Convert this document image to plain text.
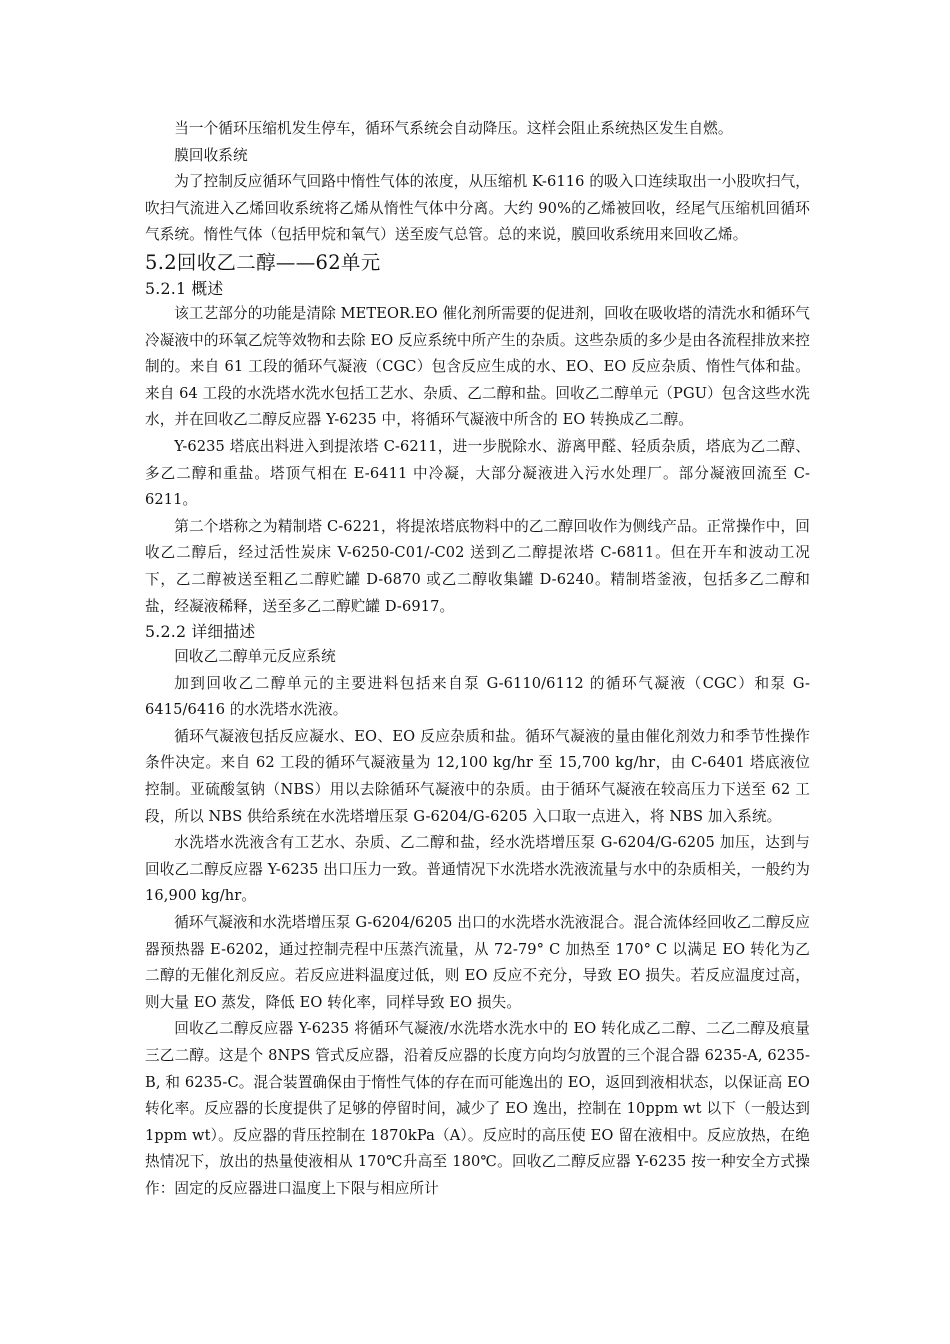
当一个循环压缩机发生停车，循环气系统会自动降压。这样会阻止系统热区发生自燃。

膜回收系统

为了控制反应循环气回路中惰性气体的浓度，从压缩机 K-6116 的吸入口连续取出一小股吹扫气，吹扫气流进入乙烯回收系统将乙烯从惰性气体中分离。大约 90%的乙烯被回收，经尾气压缩机回循环气系统。惰性气体（包括甲烷和氧气）送至废气总管。总的来说，膜回收系统用来回收乙烯。

5.2回收乙二醇——62单元
5.2.1 概述

该工艺部分的功能是清除 METEOR.EO 催化剂所需要的促进剂，回收在吸收塔的清洗水和循环气冷凝液中的环氧乙烷等效物和去除 EO 反应系统中所产生的杂质。这些杂质的多少是由各流程排放来控制的。来自 61 工段的循环气凝液（CGC）包含反应生成的水、EO、EO 反应杂质、惰性气体和盐。来自 64 工段的水洗塔水洗水包括工艺水、杂质、乙二醇和盐。回收乙二醇单元（PGU）包含这些水洗水，并在回收乙二醇反应器 Y-6235 中，将循环气凝液中所含的 EO 转换成乙二醇。

Y-6235 塔底出料进入到提浓塔 C-6211，进一步脱除水、游离甲醛、轻质杂质，塔底为乙二醇、多乙二醇和重盐。塔顶气相在 E-6411 中冷凝，大部分凝液进入污水处理厂。部分凝液回流至 C-6211。

第二个塔称之为精制塔 C-6221，将提浓塔底物料中的乙二醇回收作为侧线产品。正常操作中，回收乙二醇后，经过活性炭床 V-6250-C01/-C02 送到乙二醇提浓塔 C-6811。但在开车和波动工况下，乙二醇被送至粗乙二醇贮罐 D-6870 或乙二醇收集罐 D-6240。精制塔釜液，包括多乙二醇和盐，经凝液稀释，送至多乙二醇贮罐 D-6917。

5.2.2 详细描述

回收乙二醇单元反应系统

加到回收乙二醇单元的主要进料包括来自泵 G-6110/6112 的循环气凝液（CGC）和泵 G-6415/6416 的水洗塔水洗液。

循环气凝液包括反应凝水、EO、EO 反应杂质和盐。循环气凝液的量由催化剂效力和季节性操作条件决定。来自 62 工段的循环气凝液量为 12,100 kg/hr 至 15,700 kg/hr，由 C-6401 塔底液位控制。亚硫酸氢钠（NBS）用以去除循环气凝液中的杂质。由于循环气凝液在较高压力下送至 62 工段，所以 NBS 供给系统在水洗塔增压泵 G-6204/G-6205 入口取一点进入，将 NBS 加入系统。

水洗塔水洗液含有工艺水、杂质、乙二醇和盐，经水洗塔增压泵 G-6204/G-6205 加压，达到与回收乙二醇反应器 Y-6235 出口压力一致。普通情况下水洗塔水洗液流量与水中的杂质相关，一般约为 16,900 kg/hr。

循环气凝液和水洗塔增压泵 G-6204/6205 出口的水洗塔水洗液混合。混合流体经回收乙二醇反应器预热器 E-6202，通过控制壳程中压蒸汽流量，从 72-79° C 加热至 170° C 以满足 EO 转化为乙二醇的无催化剂反应。若反应进料温度过低，则 EO 反应不充分，导致 EO 损失。若反应温度过高，则大量 EO 蒸发，降低 EO 转化率，同样导致 EO 损失。

回收乙二醇反应器 Y-6235 将循环气凝液/水洗塔水洗水中的 EO 转化成乙二醇、二乙二醇及痕量三乙二醇。这是个 8NPS 管式反应器，沿着反应器的长度方向均匀放置的三个混合器 6235-A, 6235-B, 和 6235-C。混合装置确保由于惰性气体的存在而可能逸出的 EO，返回到液相状态，以保证高 EO 转化率。反应器的长度提供了足够的停留时间，减少了 EO 逸出，控制在 10ppm wt 以下（一般达到 1ppm wt）。反应器的背压控制在 1870kPa（A）。反应时的高压使 EO 留在液相中。反应放热，在绝热情况下，放出的热量使液相从 170℃升高至 180℃。回收乙二醇反应器 Y-6235 按一种安全方式操作：固定的反应器进口温度上下限与相应所计
